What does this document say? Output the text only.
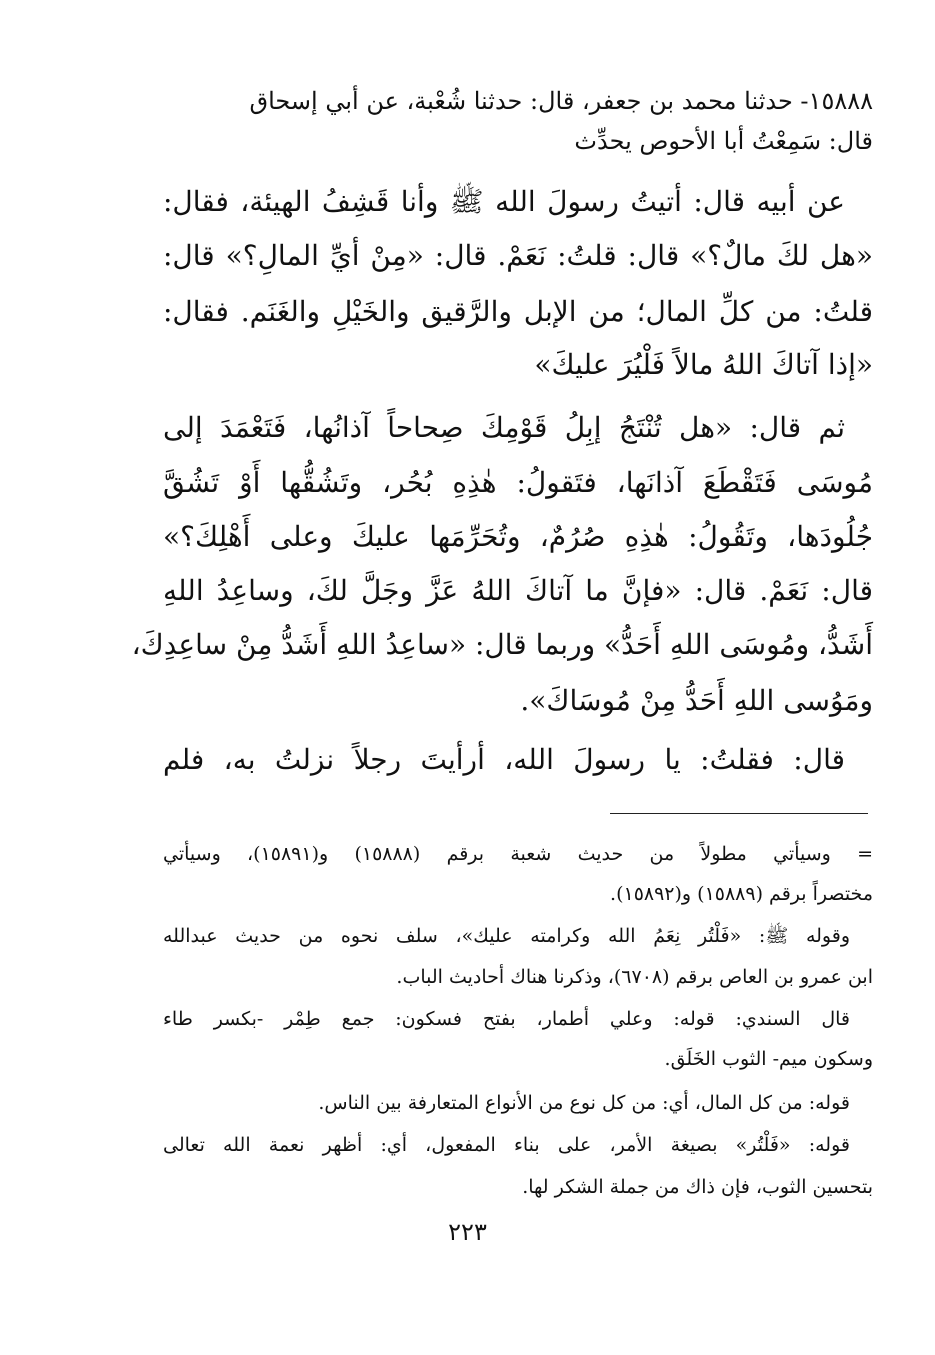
١٥٨٨٨- حدثنا محمد بن جعفر، قال: حدثنا شُعْبة، عن أبي إسحاق
قال: سَمِعْتُ أبا الأحوص يحدِّث
عن أبيه قال: أتيتُ رسولَ الله ﷺ وأنا قَشِفُ الهيئة، فقال:
«هل لكَ مالٌ؟» قال: قلتُ: نَعَمْ. قال: «مِنْ أيِّ المالِ؟» قال:
قلتُ: من كلِّ المال؛ من الإبل والرَّقيق والخَيْلِ والغَنَم. فقال:
«إذا آتاكَ اللهُ مالاً فَلْيُرَ عليكَ»
ثم قال: «هل تُنْتَجُ إبِلُ قَوْمِكَ صِحاحاً آذانُها، فَتَعْمَدَ إلى
مُوسَى فَتَقْطَعَ آذانَها، فتَقولُ: هٰذِهِ بُحُر، وتَشُقُّها أَوْ تَشُقَّ
جُلُودَها، وتَقُولُ: هٰذِهِ صُرُمٌ، وتُحَرِّمَها عليكَ وعلى أَهْلِكَ؟»
قال: نَعَمْ. قال: «فإنَّ ما آتاكَ اللهُ عَزَّ وجَلَّ لكَ، وساعِدُ اللهِ
أَشَدُّ، ومُوسَى اللهِ أَحَدُّ» وربما قال: «ساعِدُ اللهِ أَشَدُّ مِنْ ساعِدِكَ،
ومَوُسى اللهِ أَحَدُّ مِنْ مُوسَاكَ».
قال: فقلتُ: يا رسولَ الله، أرأيتَ رجلاً نزلتُ به، فلم
= وسيأتي مطولاً من حديث شعبة برقم (١٥٨٨٨) و(١٥٨٩١)، وسيأتي
مختصراً برقم (١٥٨٨٩) و(١٥٨٩٢).
وقوله ﷺ: «فَلْتُر نِعَمُ الله وكرامته عليك»، سلف نحوه من حديث عبدالله
ابن عمرو بن العاص برقم (٦٧٠٨)، وذكرنا هناك أحاديث الباب.
قال السندي: قوله: وعلي أطمار، بفتح فسكون: جمع طِمْر -بكسر طاء
وسكون ميم- الثوب الخَلَق.
قوله: من كل المال، أي: من كل نوع من الأنواع المتعارفة بين الناس.
قوله: «فَلْتُر» بصيغة الأمر، على بناء المفعول، أي: أظهر نعمة الله تعالى
بتحسين الثوب، فإن ذاك من جملة الشكر لها.
٢٢٣
